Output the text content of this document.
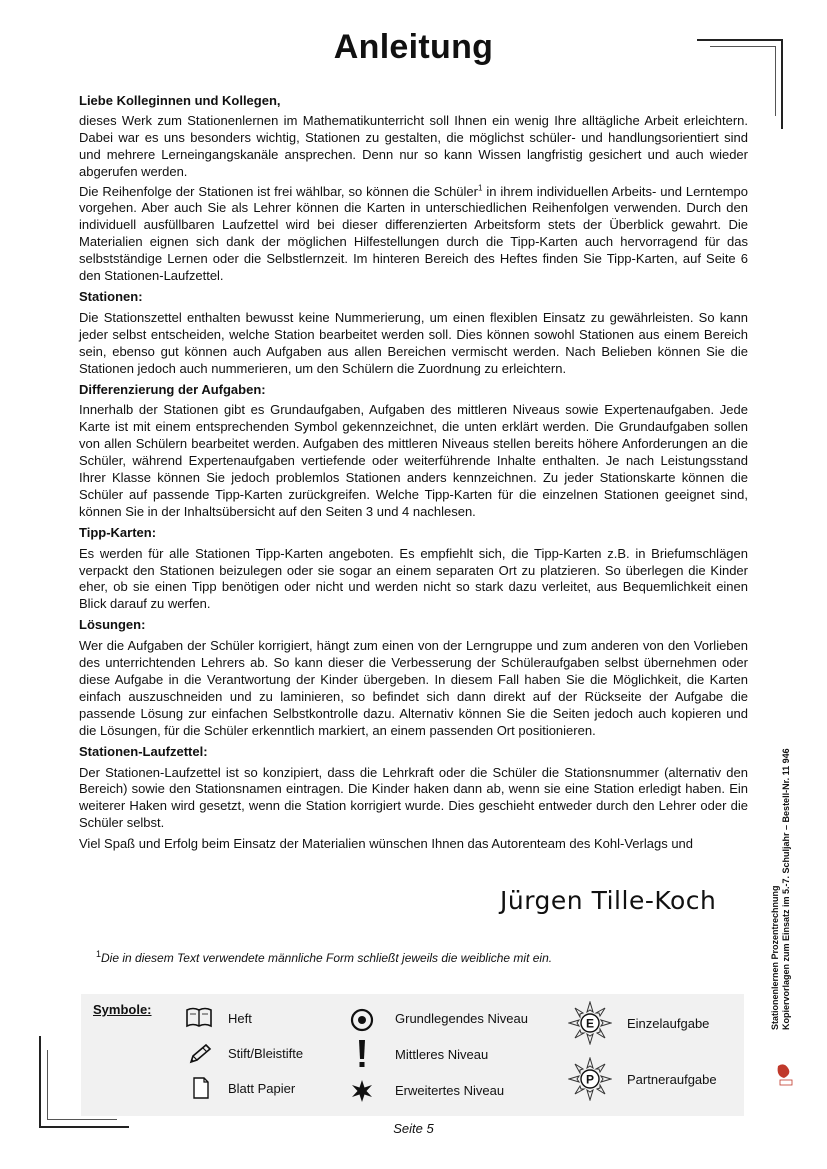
Anleitung

Liebe Kolleginnen und Kollegen,

dieses Werk zum Stationenlernen im Mathematikunterricht soll Ihnen ein wenig Ihre alltägliche Arbeit erleichtern. Dabei war es uns besonders wichtig, Stationen zu gestalten, die möglichst schüler- und handlungsorientiert sind und mehrere Lerneingangskanäle ansprechen. Denn nur so kann Wissen langfristig gesichert und auch wieder abgerufen werden.

Die Reihenfolge der Stationen ist frei wählbar, so können die Schüler$^1$ in ihrem individuellen Arbeits- und Lerntempo vorgehen. Aber auch Sie als Lehrer können die Karten in unterschiedlichen Reihenfolgen verwenden. Durch den individuell ausfüllbaren Laufzettel wird bei dieser differenzierten Arbeitsform stets der Überblick gewahrt. Die Materialien eignen sich dank der möglichen Hilfestellungen durch die Tipp-Karten auch hervorragend für das selbstständige Lernen oder die Selbstlernzeit. Im hinteren Bereich des Heftes finden Sie Tipp-Karten, auf Seite 6 den Stationen-Laufzettel.

Stationen:

Die Stationszettel enthalten bewusst keine Nummerierung, um einen flexiblen Einsatz zu gewährleisten. So kann jeder selbst entscheiden, welche Station bearbeitet werden soll. Dies können sowohl Stationen aus einem Bereich sein, ebenso gut können auch Aufgaben aus allen Bereichen vermischt werden. Nach Belieben können Sie die Stationen jedoch auch nummerieren, um den Schülern die Zuordnung zu erleichtern.

Differenzierung der Aufgaben:

Innerhalb der Stationen gibt es Grundaufgaben, Aufgaben des mittleren Niveaus sowie Expertenaufgaben. Jede Karte ist mit einem entsprechenden Symbol gekennzeichnet, die unten erklärt werden. Die Grundaufgaben sollen von allen Schülern bearbeitet werden. Aufgaben des mittleren Niveaus stellen bereits höhere Anforderungen an die Schüler, während Expertenaufgaben vertiefende oder weiterführende Inhalte enthalten. Je nach Leistungsstand Ihrer Klasse können Sie jedoch problemlos Stationen anders kennzeichnen. Zu jeder Stationskarte können die Schüler auf passende Tipp-Karten zurückgreifen. Welche Tipp-Karten für die einzelnen Stationen geeignet sind, können Sie in der Inhaltsübersicht auf den Seiten 3 und 4 nachlesen.

Tipp-Karten:

Es werden für alle Stationen Tipp-Karten angeboten. Es empfiehlt sich, die Tipp-Karten z.B. in Briefumschlägen verpackt den Stationen beizulegen oder sie sogar an einem separaten Ort zu platzieren. So überlegen die Kinder eher, ob sie einen Tipp benötigen oder nicht und werden nicht so stark dazu verleitet, aus Bequemlichkeit einen Blick darauf zu werfen.

Lösungen:

Wer die Aufgaben der Schüler korrigiert, hängt zum einen von der Lerngruppe und zum anderen von den Vorlieben des unterrichtenden Lehrers ab. So kann dieser die Verbesserung der Schüleraufgaben selbst übernehmen oder diese Aufgabe in die Verantwortung der Kinder übergeben. In diesem Fall haben Sie die Möglichkeit, die Karten einfach auszuschneiden und zu laminieren, so befindet sich dann direkt auf der Rückseite der Aufgabe die passende Lösung zur einfachen Selbstkontrolle dazu. Alternativ können Sie die Seiten jedoch auch kopieren und die Lösungen, für die Schüler erkenntlich markiert, an einem passenden Ort positionieren.

Stationen-Laufzettel:

Der Stationen-Laufzettel ist so konzipiert, dass die Lehrkraft oder die Schüler die Stationsnummer (alternativ den Bereich) sowie den Stationsnamen eintragen. Die Kinder haken dann ab, wenn sie eine Station erledigt haben. Ein weiterer Haken wird gesetzt, wenn die Station korrigiert wurde. Dies geschieht entweder durch den Lehrer oder die Schüler selbst.

Viel Spaß und Erfolg beim Einsatz der Materialien wünschen Ihnen das Autorenteam des Kohl-Verlags und

Jürgen Tille-Koch
$^1$Die in diesem Text verwendete männliche Form schließt jeweils die weibliche mit ein.
Symbole:
Heft
Stift/Bleistifte
Blatt Papier
Grundlegendes Niveau
Mittleres Niveau
Erweitertes Niveau
E	Einzelaufgabe
P	Partneraufgabe
Seite 5
Stationenlernen Prozentrechnung Kopiervorlagen zum Einsatz im 5.-7. Schuljahr – Bestell-Nr. 11 946
